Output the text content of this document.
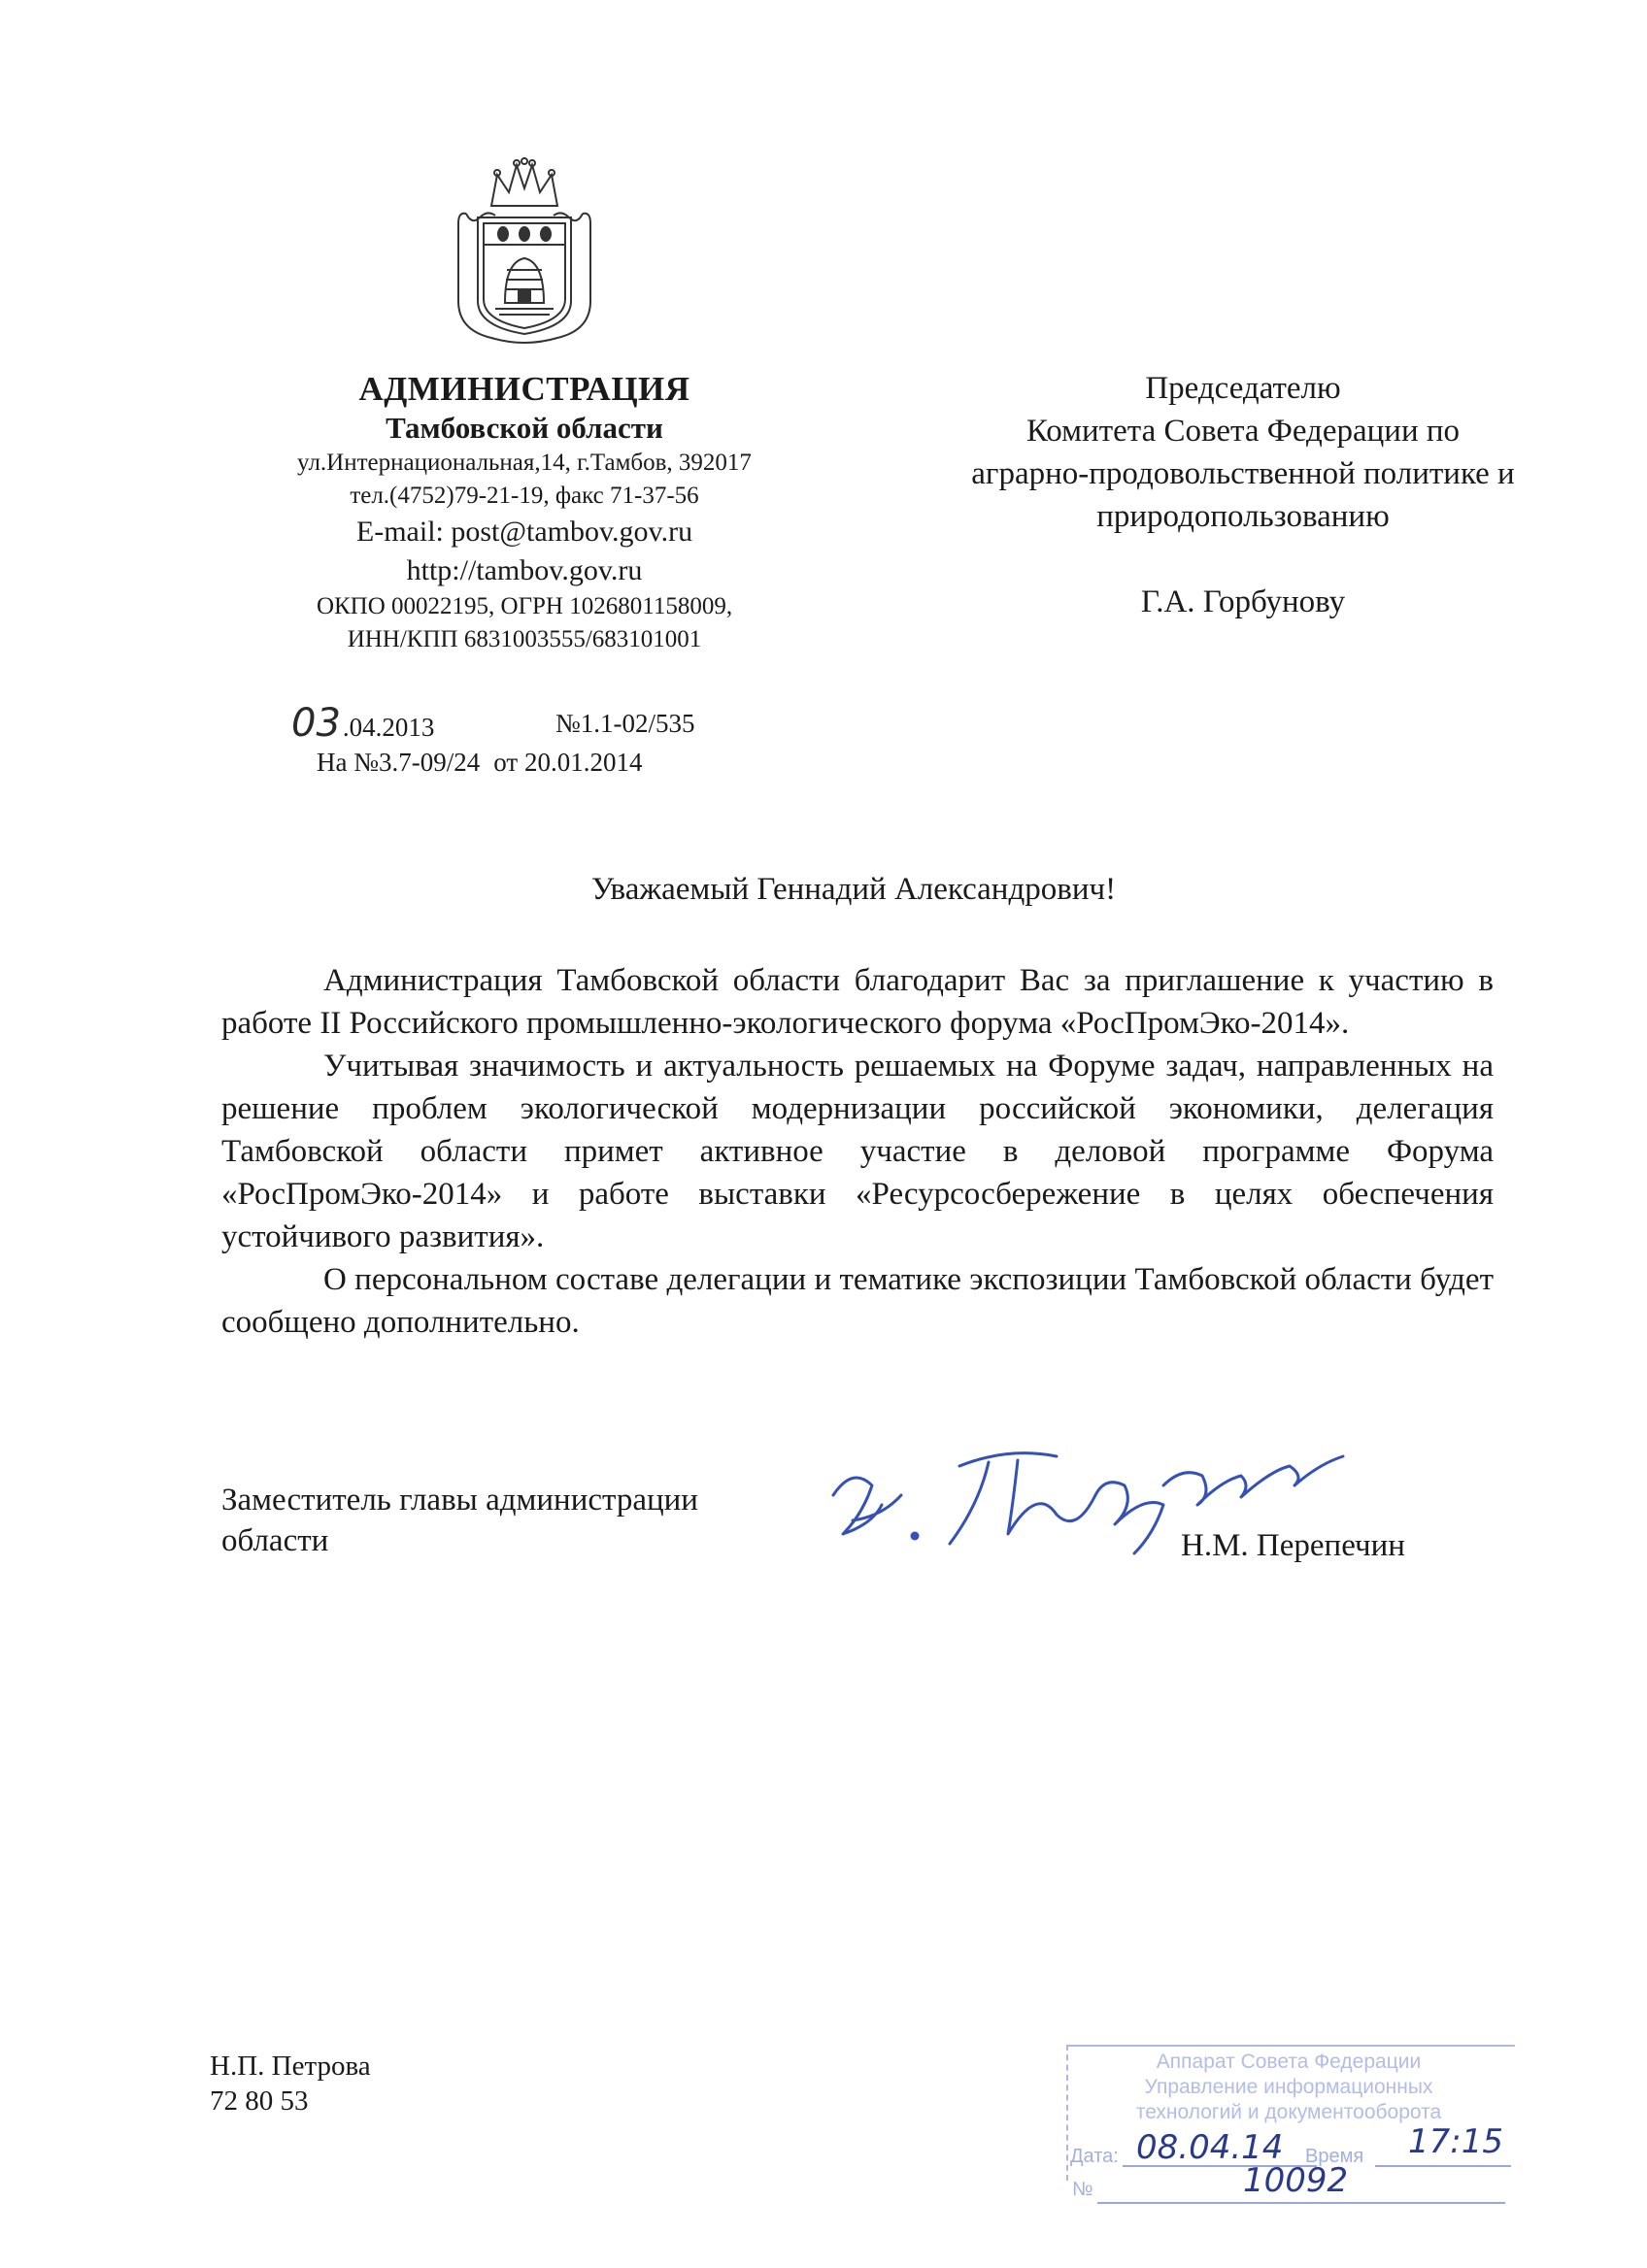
АДМИНИСТРАЦИЯ
Тамбовской области
ул.Интернациональная,14, г.Тамбов, 392017
тел.(4752)79-21-19, факс 71-37-56
E-mail: post@tambov.gov.ru
http://tambov.gov.ru
ОКПО 00022195, ОГРН 1026801158009,
ИНН/КПП 6831003555/683101001
03.04.2013	№1.1-02/535
На №3.7-09/24 от 20.01.2014
Председателю
Комитета Совета Федерации по
аграрно-продовольственной политике и
природопользованию
Г.А. Горбунову
Уважаемый Геннадий Александрович!

Администрация Тамбовской области благодарит Вас за приглашение к участию в работе II Российского промышленно-экологического форума «РосПромЭко-2014».

Учитывая значимость и актуальность решаемых на Форуме задач, направленных на решение проблем экологической модернизации российской экономики, делегация Тамбовской области примет активное участие в деловой программе Форума «РосПромЭко-2014» и работе выставки «Ресурсосбережение в целях обеспечения устойчивого развития».

О персональном составе делегации и тематике экспозиции Тамбовской области будет сообщено дополнительно.

Заместитель главы администрации
области	Н.М. Перепечин
Н.П. Петрова
72 80 53
Аппарат Совета Федерации
Управление информационных
технологий и документооборота
Дата: 08.04.14 Время 17:15
№	10092
